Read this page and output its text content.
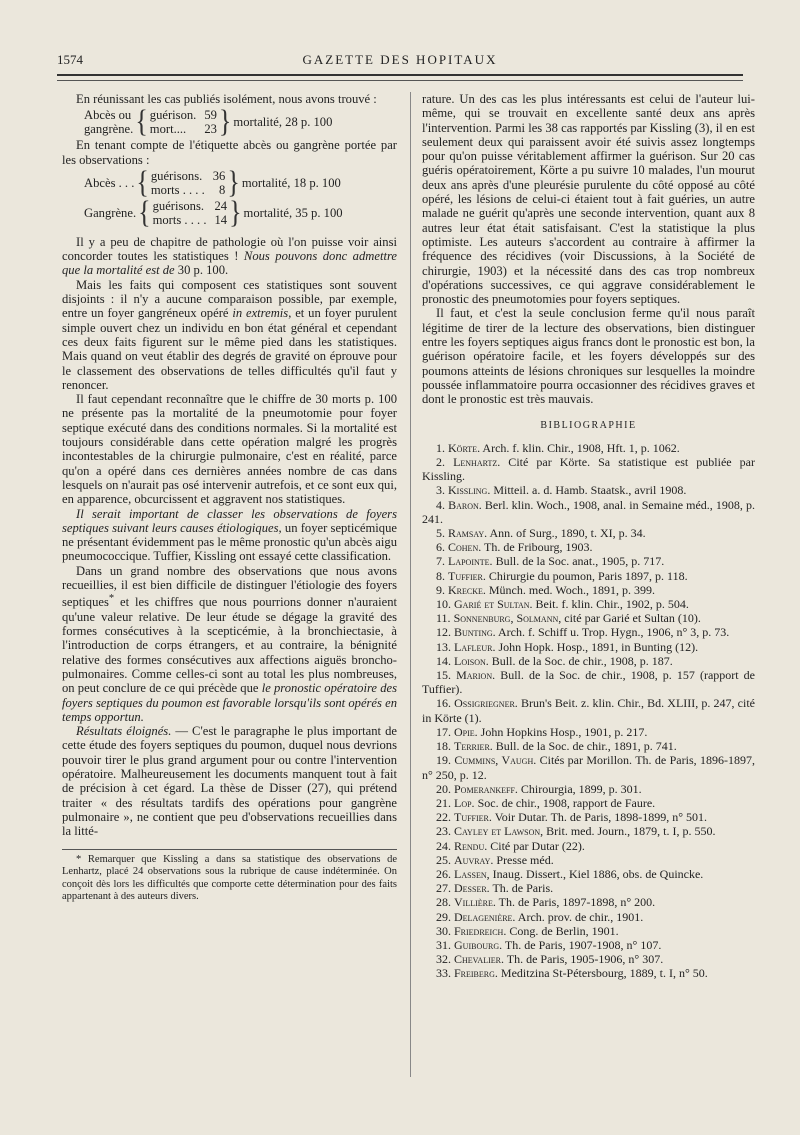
1574	GAZETTE DES HOPITAUX

En réunissant les cas publiés isolément, nous avons trouvé :

Abcès ou
gangrène. { guérison.
mort....
59
23 } mortalité, 28 p. 100

En tenant compte de l'étiquette abcès ou gangrène portée par les observations :

Abcès . . . { guérisons.
morts . . . .
36
8 } mortalité, 18 p. 100
Gangrène. { guérisons.
morts . . . .
24
14 } mortalité, 35 p. 100

Il y a peu de chapitre de pathologie où l'on puisse voir ainsi concorder toutes les statistiques ! Nous pouvons donc admettre que la mortalité est de 30 p. 100.

Mais les faits qui composent ces statistiques sont souvent disjoints : il n'y a aucune comparaison possible, par exemple, entre un foyer gangréneux opéré in extremis, et un foyer purulent simple ouvert chez un individu en bon état général et cependant ces deux faits figurent sur le même pied dans les statistiques. Mais quand on veut établir des degrés de gravité on éprouve pour le classement des observations de telles difficultés qu'il faut y renoncer.

Il faut cependant reconnaître que le chiffre de 30 morts p. 100 ne présente pas la mortalité de la pneumotomie pour foyer septique exécuté dans des conditions normales. Si la mortalité est toujours considérable dans cette opération malgré les progrès incontestables de la chirurgie pulmonaire, c'est en réalité, parce qu'on a opéré dans ces dernières années nombre de cas dans lesquels on n'aurait pas osé intervenir autrefois, et ce sont eux qui, en apparence, obcurcissent et aggravent nos statistiques.

Il serait important de classer les observations de foyers septiques suivant leurs causes étiologiques, un foyer septicémique ne présentant évidemment pas le même pronostic qu'un abcès aigu pneumococcique. Tuffier, Kissling ont essayé cette classification.

Dans un grand nombre des observations que nous avons recueillies, il est bien difficile de distinguer l'étiologie des foyers septiques* et les chiffres que nous pourrions donner n'auraient qu'une valeur relative. De leur étude se dégage la gravité des formes consécutives à la scepticémie, à la bronchiectasie, à l'introduction de corps étrangers, et au contraire, la bénignité relative des formes consécutives aux affections aiguës broncho-pulmonaires. Comme celles-ci sont au total les plus nombreuses, on peut conclure de ce qui précède que le pronostic opératoire des foyers septiques du poumon est favorable lorsqu'ils sont opérés en temps opportun.

Résultats éloignés. — C'est le paragraphe le plus important de cette étude des foyers septiques du poumon, duquel nous devrions pouvoir tirer le plus grand argument pour ou contre l'intervention opératoire. Malheureusement les documents manquent tout à fait de précision à cet égard. La thèse de Disser (27), qui prétend traiter « des résultats tardifs des opérations pour gangrène pulmonaire », ne contient que peu d'observations recueillies dans la litté-

* Remarquer que Kissling a dans sa statistique des observations de Lenhartz, placé 24 observations sous la rubrique de cause indéterminée. On conçoit dès lors les difficultés que comporte cette détermination pour des faits appartenant à des auteurs divers.

rature. Un des cas les plus intéressants est celui de l'auteur lui-même, qui se trouvait en excellente santé deux ans après l'intervention. Parmi les 38 cas rapportés par Kissling (3), il en est seulement deux qui paraissent avoir été suivis assez longtemps pour qu'on puisse véritablement affirmer la guérison. Sur 20 cas guéris opératoirement, Körte a pu suivre 10 malades, l'un mourut deux ans après d'une pleurésie purulente du côté opposé au côté opéré, les lésions de celui-ci étaient tout à fait guéries, un autre malade ne guérit qu'après une seconde intervention, quant aux 8 autres leur état était satisfaisant. C'est la statistique la plus optimiste. Les auteurs s'accordent au contraire à affirmer la fréquence des récidives (voir Discussions, à la Société de chirurgie, 1903) et la nécessité dans des cas trop nombreux d'opérations successives, ce qui aggrave considérablement le pronostic des pneumotomies pour foyers septiques.

Il faut, et c'est la seule conclusion ferme qu'il nous paraît légitime de tirer de la lecture des observations, bien distinguer entre les foyers septiques aigus francs dont le pronostic est bon, la guérison opératoire facile, et les foyers développés sur des poumons atteints de lésions chroniques sur lesquelles la moindre poussée inflammatoire pourra occasionner des récidives graves et dont le pronostic est très mauvais.

BIBLIOGRAPHIE

1. Körte. Arch. f. klin. Chir., 1908, Hft. 1, p. 1062.

2. Lenhartz. Cité par Körte. Sa statistique est publiée par Kissling.

3. Kissling. Mitteil. a. d. Hamb. Staatsk., avril 1908.

4. Baron. Berl. klin. Woch., 1908, anal. in Semaine méd., 1908, p. 241.

5. Ramsay. Ann. of Surg., 1890, t. XI, p. 34.

6. Cohen. Th. de Fribourg, 1903.

7. Lapointe. Bull. de la Soc. anat., 1905, p. 717.

8. Tuffier. Chirurgie du poumon, Paris 1897, p. 118.

9. Krecke. Münch. med. Woch., 1891, p. 399.

10. Garié et Sultan. Beit. f. klin. Chir., 1902, p. 504.

11. Sonnenburg, Solmann, cité par Garié et Sultan (10).

12. Bunting. Arch. f. Schiff u. Trop. Hygn., 1906, n° 3, p. 73.

13. Lafleur. John Hopk. Hosp., 1891, in Bunting (12).

14. Loison. Bull. de la Soc. de chir., 1908, p. 187.

15. Marion. Bull. de la Soc. de chir., 1908, p. 157 (rapport de Tuffier).

16. Ossigriegner. Brun's Beit. z. klin. Chir., Bd. XLIII, p. 247, cité in Körte (1).

17. Opie. John Hopkins Hosp., 1901, p. 217.

18. Terrier. Bull. de la Soc. de chir., 1891, p. 741.

19. Cummins, Vaugh. Cités par Morillon. Th. de Paris, 1896-1897, n° 250, p. 12.

20. Pomerankeff. Chirourgia, 1899, p. 301.

21. Lop. Soc. de chir., 1908, rapport de Faure.

22. Tuffier. Voir Dutar. Th. de Paris, 1898-1899, n° 501.

23. Cayley et Lawson, Brit. med. Journ., 1879, t. I, p. 550.

24. Rendu. Cité par Dutar (22).

25. Auvray. Presse méd.

26. Lassen, Inaug. Dissert., Kiel 1886, obs. de Quincke.

27. Desser. Th. de Paris.

28. Villière. Th. de Paris, 1897-1898, n° 200.

29. Delagenière. Arch. prov. de chir., 1901.

30. Friedreich. Cong. de Berlin, 1901.

31. Guibourg. Th. de Paris, 1907-1908, n° 107.

32. Chevalier. Th. de Paris, 1905-1906, n° 307.

33. Freiberg. Meditzina St-Pétersbourg, 1889, t. I, n° 50.
